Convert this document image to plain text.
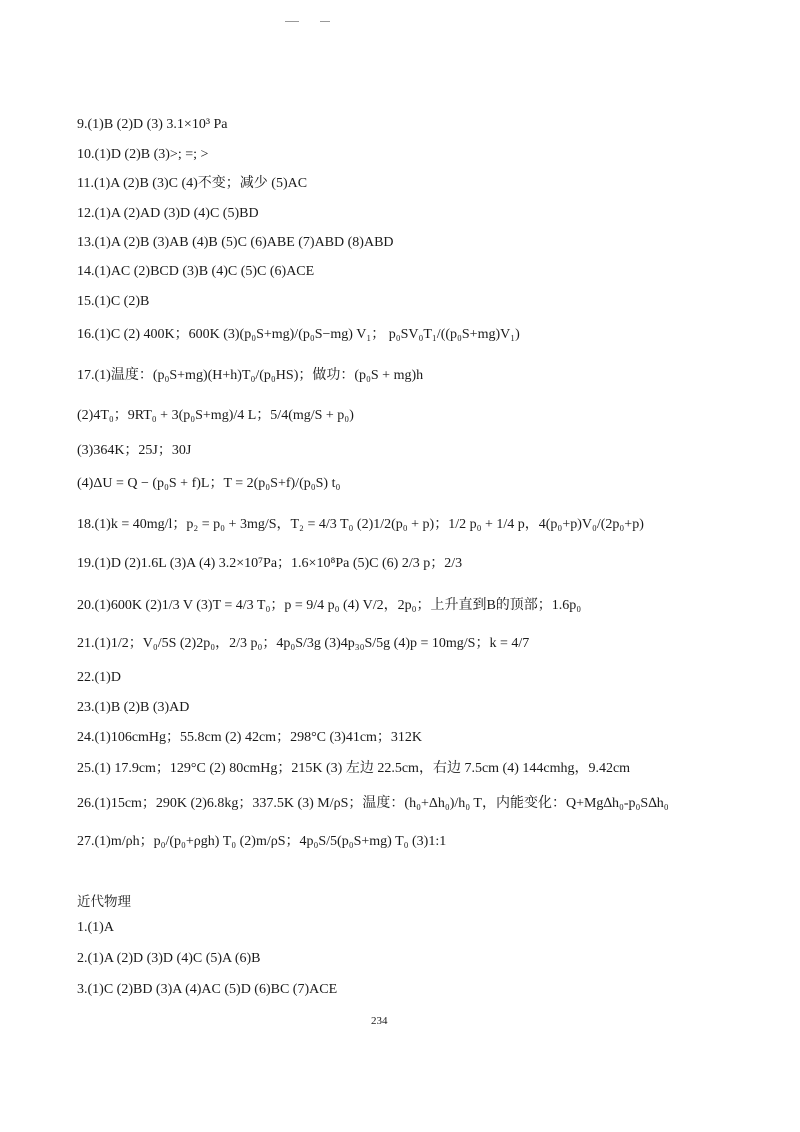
9.(1)B (2)D (3) 3.1×10³ Pa
10.(1)D (2)B (3)>; =; >
11.(1)A (2)B (3)C (4)不变；减少 (5)AC
12.(1)A (2)AD (3)D (4)C (5)BD
13.(1)A (2)B (3)AB (4)B (5)C (6)ABE (7)ABD (8)ABD
14.(1)AC (2)BCD (3)B (4)C (5)C (6)ACE
15.(1)C (2)B
16.(1)C (2) 400K；600K (3)(p₀S+mg)/(p₀S−mg) V₁； p₀SV₀T₁/((p₀S+mg)V₁)
17.(1)温度：(p₀S+mg)(H+h)T₀/(p₀HS)；做功：(p₀S + mg)h
(2)4T₀；9RT₀ + 3(p₀S+mg)/4 L；5/4(mg/S + p₀)
(3)364K；25J；30J
(4)ΔU = Q − (p₀S + f)L；T = 2(p₀S+f)/(p₀S) t₀
18.(1)k = 40mg/l；p₂ = p₀ + 3mg/S，T₂ = 4/3 T₀ (2)1/2(p₀ + p)；1/2 p₀ + 1/4 p，4(p₀+p)V₀/(2p₀+p)
19.(1)D (2)1.6L (3)A (4) 3.2×10⁷Pa；1.6×10⁸Pa (5)C (6) 2/3 p；2/3
20.(1)600K (2)1/3 V (3)T = 4/3 T₀；p = 9/4 p₀ (4) V/2，2p₀；上升直到B的顶部；1.6p₀
21.(1)1/2；V₀/5S (2)2p₀，2/3 p₀；4p₀S/3g (3)4p₃₀S/5g (4)p = 10mg/S；k = 4/7
22.(1)D
23.(1)B (2)B (3)AD
24.(1)106cmHg；55.8cm (2) 42cm；298°C (3)41cm；312K
25.(1) 17.9cm；129°C (2) 80cmHg；215K (3) 左边 22.5cm，右边 7.5cm (4) 144cmhg，9.42cm
26.(1)15cm；290K (2)6.8kg；337.5K (3) M/ρS；温度：(h₀+Δh₀)/h₀ T，内能变化：Q+Mg∆h₀-p₀S∆h₀
27.(1)m/ρh；p₀/(p₀+ρgh) T₀ (2)m/ρS；4p₀S/5(p₀S+mg) T₀ (3)1:1
近代物理
1.(1)A
2.(1)A (2)D (3)D (4)C (5)A (6)B
3.(1)C (2)BD (3)A (4)AC (5)D (6)BC (7)ACE
234
